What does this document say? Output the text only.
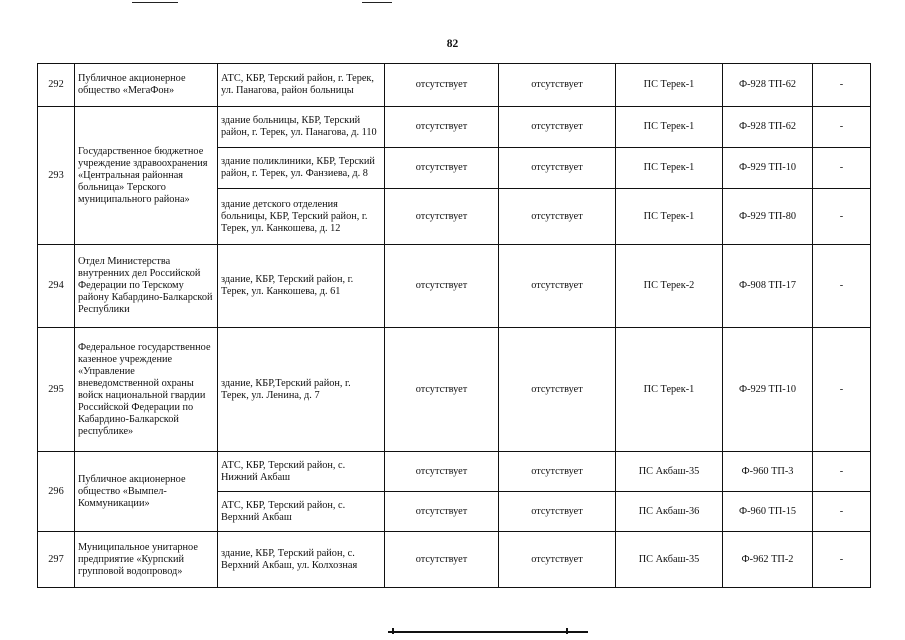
82
292	Публичное акционерное общество «МегаФон»	АТС, КБР, Терский район, г. Терек, ул. Панагова, район больницы	отсутствует	отсутствует	ПС Терек-1	Ф-928 ТП-62	-
293	Государственное бюджетное учреждение здравоохранения «Центральная районная больница» Терского муниципального района»	здание больницы, КБР, Терский район, г. Терек, ул. Панагова, д. 110	отсутствует	отсутствует	ПС Терек-1	Ф-928 ТП-62	-
		здание поликлиники, КБР, Терский район, г. Терек, ул. Фанзиева, д. 8	отсутствует	отсутствует	ПС Терек-1	Ф-929 ТП-10	-
		здание детского отделения больницы, КБР, Терский район, г. Терек, ул. Канкошева, д. 12	отсутствует	отсутствует	ПС Терек-1	Ф-929 ТП-80	-
294	Отдел Министерства внутренних дел Российской Федерации по Терскому району Кабардино-Балкарской Республики	здание, КБР, Терский район, г. Терек, ул. Канкошева, д. 61	отсутствует	отсутствует	ПС Терек-2	Ф-908 ТП-17	-
295	Федеральное государственное казенное учреждение «Управление вневедомственной охраны войск национальной гвардии Российской Федерации по Кабардино-Балкарской республике»	здание, КБР,Терский район, г. Терек, ул. Ленина, д. 7	отсутствует	отсутствует	ПС Терек-1	Ф-929 ТП-10	-
296	Публичное акционерное общество «Вымпел-Коммуникации»	АТС, КБР, Терский район, с. Нижний Акбаш	отсутствует	отсутствует	ПС Акбаш-35	Ф-960 ТП-3	-
		АТС, КБР, Терский район, с. Верхний Акбаш	отсутствует	отсутствует	ПС Акбаш-36	Ф-960 ТП-15	-
297	Муниципальное унитарное предприятие «Курпский групповой водопровод»	здание, КБР, Терский район, с. Верхний Акбаш, ул. Колхозная	отсутствует	отсутствует	ПС Акбаш-35	Ф-962 ТП-2	-
